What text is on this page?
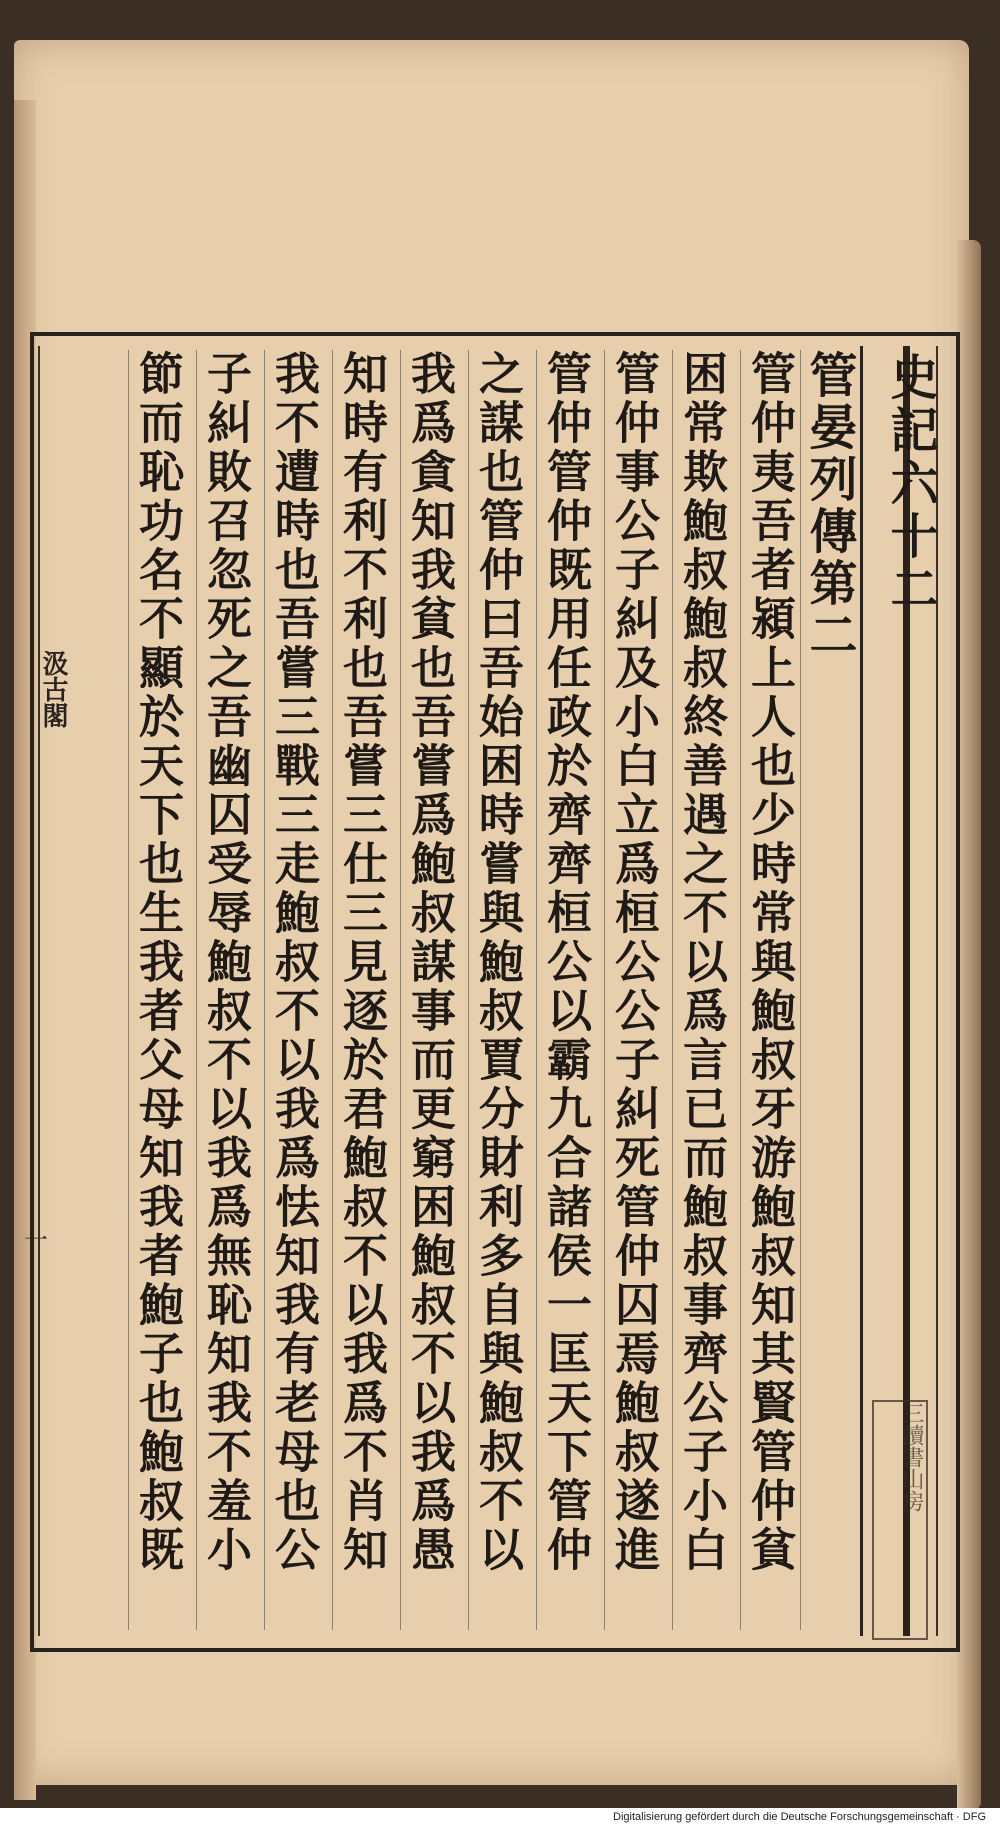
史記六十二
三讀書山房
管晏列傳第二
管仲夷吾者潁上人也少時常與鮑叔牙游鮑叔知其賢管仲貧
困常欺鮑叔鮑叔終善遇之不以爲言已而鮑叔事齊公子小白
管仲事公子糾及小白立爲桓公公子糾死管仲囚焉鮑叔遂進
管仲管仲既用任政於齊齊桓公以霸九合諸侯一匡天下管仲
之謀也管仲曰吾始困時嘗與鮑叔賈分財利多自與鮑叔不以
我爲貪知我貧也吾嘗爲鮑叔謀事而更窮困鮑叔不以我爲愚
知時有利不利也吾嘗三仕三見逐於君鮑叔不以我爲不肖知
我不遭時也吾嘗三戰三走鮑叔不以我爲怯知我有老母也公
子糾敗召忽死之吾幽囚受辱鮑叔不以我爲無恥知我不羞小
節而恥功名不顯於天下也生我者父母知我者鮑子也鮑叔既
汲古閣
一
Digitalisierung gefördert durch die Deutsche Forschungsgemeinschaft · DFG
